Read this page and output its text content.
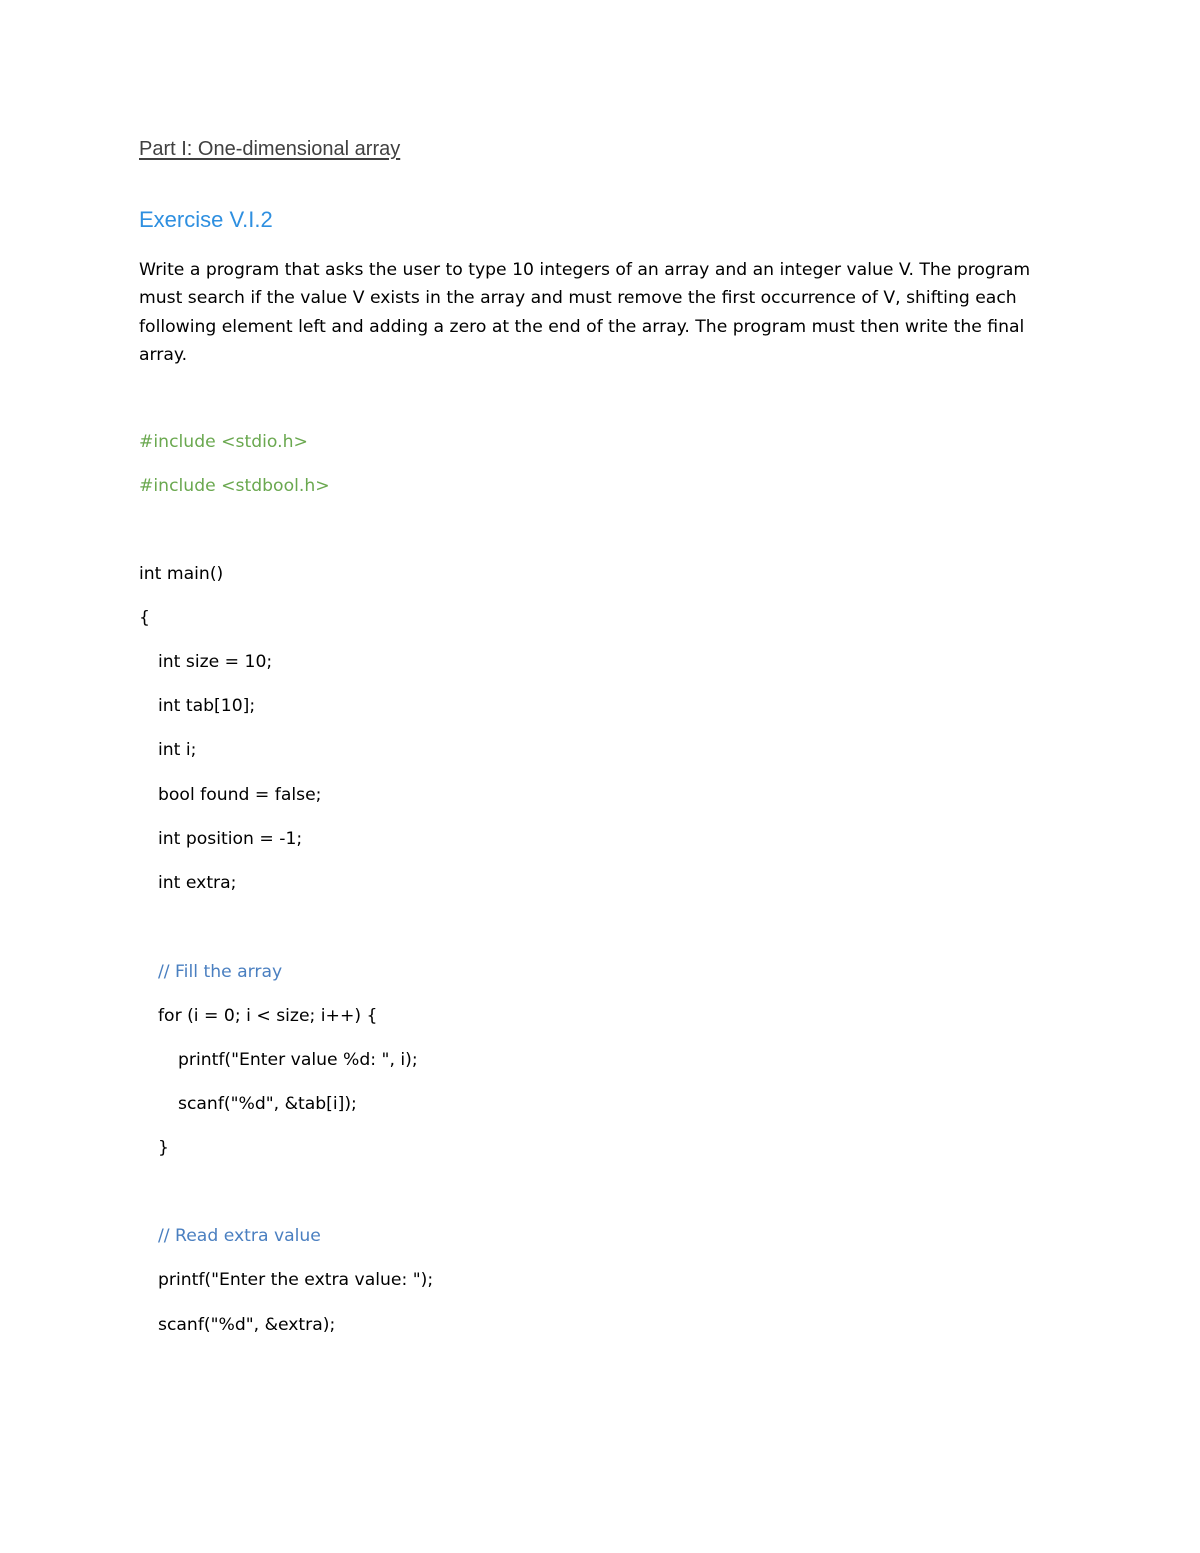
Part I: One-dimensional array
Exercise V.I.2

Write a program that asks the user to type 10 integers of an array and an integer value V. The program

must search if the value V exists in the array and must remove the first occurrence of V, shifting each

following element left and adding a zero at the end of the array. The program must then write the final

array.

#include <stdio.h>
#include <stdbool.h>
int main()
{
int size = 10;
int tab[10];
int i;
bool found = false;
int position = -1;
int extra;
// Fill the array
for (i = 0; i < size; i++) {
printf("Enter value %d: ", i);
scanf("%d", &tab[i]);
}
// Read extra value
printf("Enter the extra value: ");
scanf("%d", &extra);
